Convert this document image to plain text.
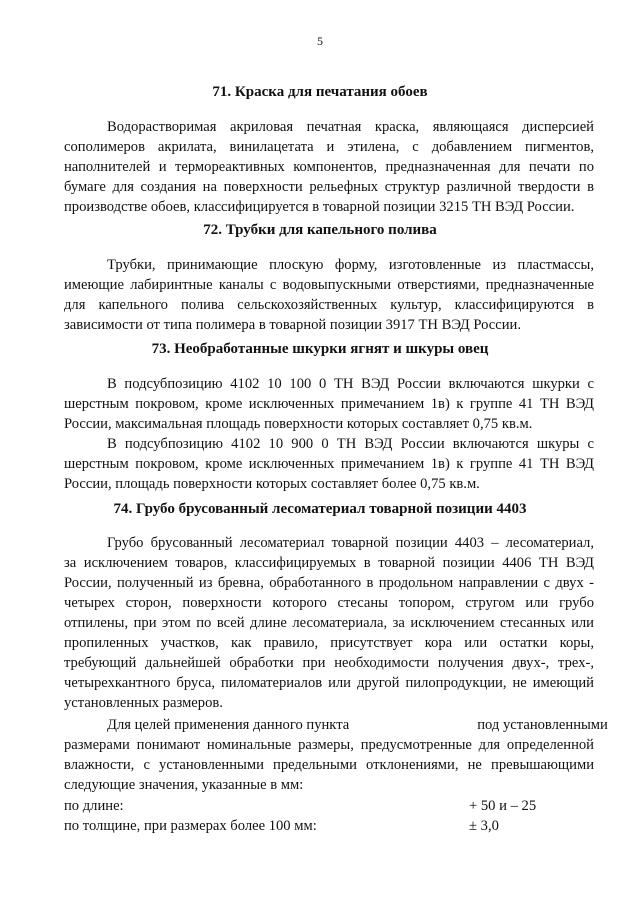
5
71. Краска для печатания обоев
Водорастворимая акриловая печатная краска, являющаяся дисперсией
сополимеров акрилата, винилацетата и этилена, с добавлением пигментов,
наполнителей и термореактивных компонентов, предназначенная для печати по
бумаге для создания на поверхности рельефных структур различной твердости в
производстве обоев, классифицируется в товарной позиции 3215 ТН ВЭД России.
72. Трубки для капельного полива
Трубки, принимающие плоскую форму, изготовленные из пластмассы,
имеющие лабиринтные каналы с водовыпускными отверстиями, предназначенные
для капельного полива сельскохозяйственных культур, классифицируются в
зависимости от типа полимера в товарной позиции 3917 ТН ВЭД России.
73. Необработанные шкурки ягнят и шкуры овец
В подсубпозицию 4102 10 100 0 ТН ВЭД России включаются шкурки с
шерстным покровом, кроме исключенных примечанием 1в) к группе 41 ТН ВЭД
России, максимальная площадь поверхности которых составляет 0,75 кв.м.
В подсубпозицию 4102 10 900 0 ТН ВЭД России включаются шкуры с
шерстным покровом, кроме исключенных примечанием 1в) к группе 41 ТН ВЭД
России, площадь поверхности которых составляет более 0,75 кв.м.
74. Грубо брусованный лесоматериал товарной позиции 4403
Грубо брусованный лесоматериал товарной позиции 4403 – лесоматериал,
за исключением товаров, классифицируемых в товарной позиции 4406 ТН ВЭД
России, полученный из бревна, обработанного в продольном направлении с двух -
четырех сторон, поверхности которого стесаны топором, стругом или грубо
отпилены, при этом по всей длине лесоматериала, за исключением стесанных или
пропиленных участков, как правило, присутствует кора или остатки коры,
требующий дальнейшей обработки при необходимости получения двух-, трех-,
четырехкантного бруса, пиломатериалов или другой пилопродукции, не имеющий
установленных размеров.
Для целей применения данного пункта	под установленными
размерами понимают номинальные размеры, предусмотренные для определенной
влажности, с установленными предельными отклонениями, не превышающими
следующие значения, указанные в мм:
по длине:	+ 50 и – 25
по толщине, при размерах более 100 мм:	± 3,0
